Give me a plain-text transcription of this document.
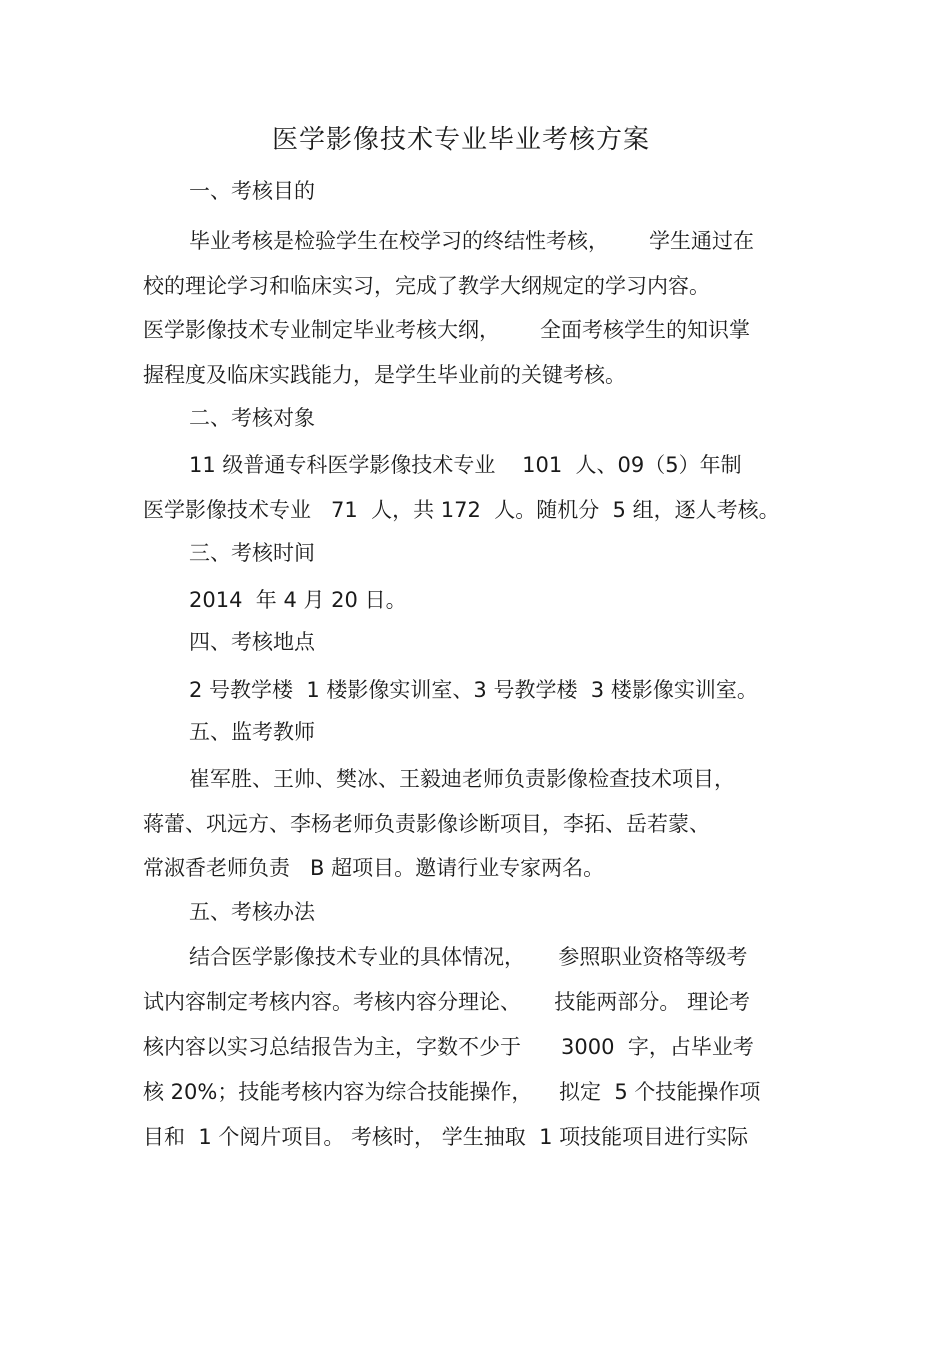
医学影像技术专业毕业考核方案

一、考核目的

毕业考核是检验学生在校学习的终结性考核，      学生通过在

校的理论学习和临床实习，完成了教学大纲规定的学习内容。

医学影像技术专业制定毕业考核大纲，      全面考核学生的知识掌

握程度及临床实践能力，是学生毕业前的关键考核。

二、考核对象

11 级普通专科医学影像技术专业    101  人、09（5）年制

医学影像技术专业   71  人，共 172  人。随机分  5 组，逐人考核。

三、考核时间

2014  年 4 月 20 日。

四、考核地点

2 号教学楼  1 楼影像实训室、3 号教学楼  3 楼影像实训室。

五、监考教师

崔军胜、王帅、樊冰、王毅迪老师负责影像检查技术项目，

蒋蕾、巩远方、李杨老师负责影像诊断项目，李拓、岳若蒙、

常淑香老师负责   B 超项目。邀请行业专家两名。

五、考核办法

结合医学影像技术专业的具体情况，     参照职业资格等级考

试内容制定考核内容。考核内容分理论、     技能两部分。 理论考

核内容以实习总结报告为主，字数不少于      3000  字，占毕业考

核 20%；技能考核内容为综合技能操作，    拟定  5 个技能操作项

目和  1 个阅片项目。 考核时， 学生抽取  1 项技能项目进行实际
